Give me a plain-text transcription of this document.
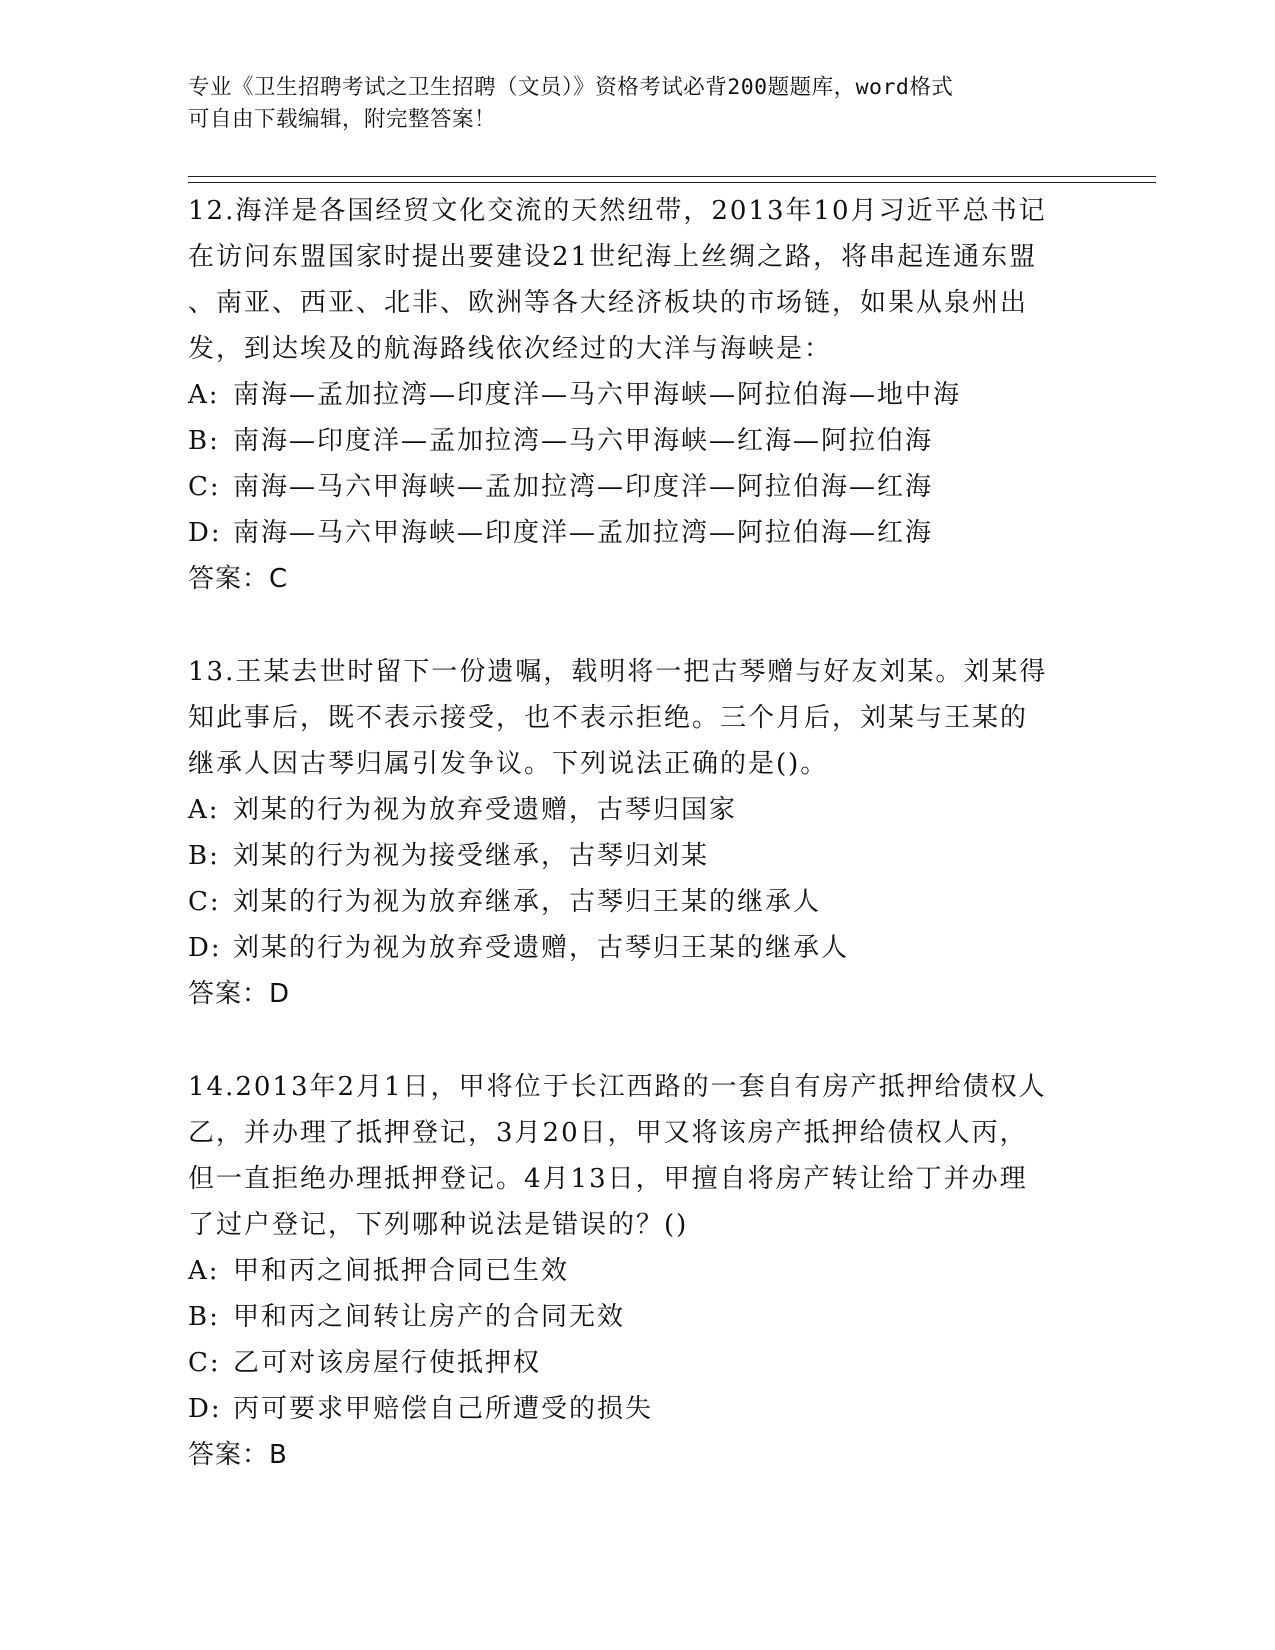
专业《卫生招聘考试之卫生招聘（文员）》资格考试必背200题题库，word格式
可自由下载编辑，附完整答案！
12.海洋是各国经贸文化交流的天然纽带，2013年10月习近平总书记
在访问东盟国家时提出要建设21世纪海上丝绸之路，将串起连通东盟
、南亚、西亚、北非、欧洲等各大经济板块的市场链，如果从泉州出
发，到达埃及的航海路线依次经过的大洋与海峡是：
A: 南海—孟加拉湾—印度洋—马六甲海峡—阿拉伯海—地中海
B: 南海—印度洋—孟加拉湾—马六甲海峡—红海—阿拉伯海
C: 南海—马六甲海峡—孟加拉湾—印度洋—阿拉伯海—红海
D: 南海—马六甲海峡—印度洋—孟加拉湾—阿拉伯海—红海
答案：C
13.王某去世时留下一份遗嘱，载明将一把古琴赠与好友刘某。刘某得
知此事后，既不表示接受，也不表示拒绝。三个月后，刘某与王某的
继承人因古琴归属引发争议。下列说法正确的是()。
A: 刘某的行为视为放弃受遗赠，古琴归国家
B: 刘某的行为视为接受继承，古琴归刘某
C: 刘某的行为视为放弃继承，古琴归王某的继承人
D: 刘某的行为视为放弃受遗赠，古琴归王某的继承人
答案：D
14.2013年2月1日，甲将位于长江西路的一套自有房产抵押给债权人
乙，并办理了抵押登记，3月20日，甲又将该房产抵押给债权人丙，
但一直拒绝办理抵押登记。4月13日，甲擅自将房产转让给丁并办理
了过户登记，下列哪种说法是错误的？()
A: 甲和丙之间抵押合同已生效
B: 甲和丙之间转让房产的合同无效
C: 乙可对该房屋行使抵押权
D: 丙可要求甲赔偿自己所遭受的损失
答案：B
